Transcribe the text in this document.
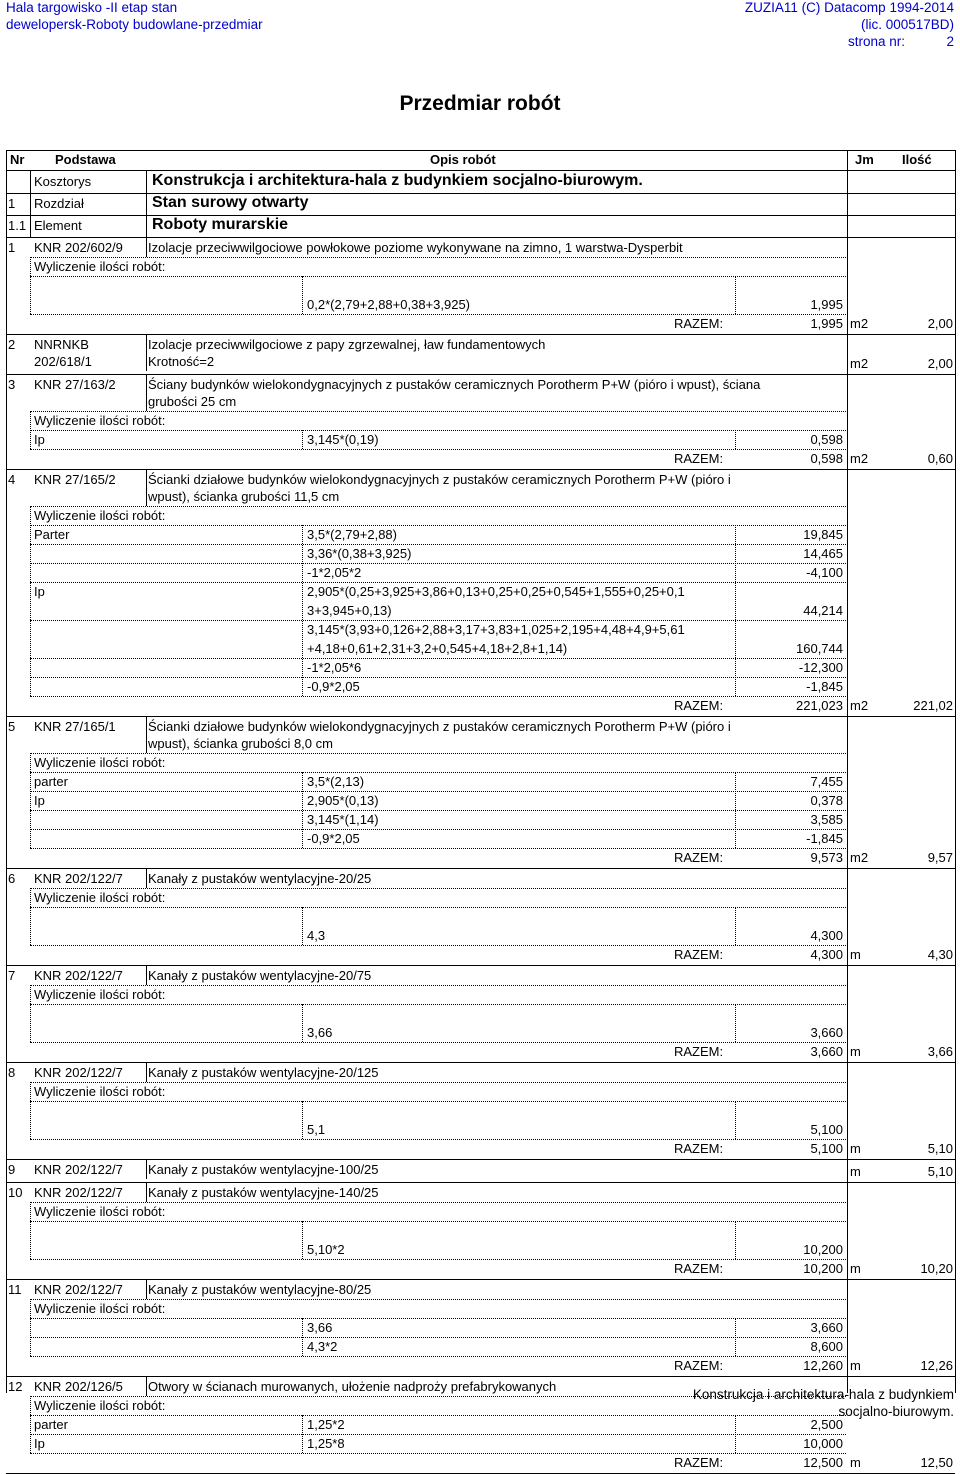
Hala targowisko -II etap stan
dewelopersk-Roboty budowlane-przedmiar
ZUZIA11 (C) Datacomp 1994-2014
(lic. 000517BD)
strona nr:	2
Przedmiar robót
Nr Podstawa	Opis robót	Jm Ilość
Kosztorys	Konstrukcja i architektura-hala z budynkiem socjalno-biurowym.
1 Rozdział	Stan surowy otwarty
1.1 Element	Roboty murarskie
1 KNR 202/602/9 Izolacje przeciwwilgociowe powłokowe poziome wykonywane na zimno, 1 warstwa-Dysperbit
Wyliczenie ilości robót:
0,2*(2,79+2,88+0,38+3,925)	1,995
RAZEM:	1,995 m2	2,00
2 NNRNKB
202/618/1
Izolacje przeciwwilgociowe z papy zgrzewalnej, ław fundamentowych
Krotność=2	m2	2,00
3 KNR 27/163/2 Ściany budynków wielokondygnacyjnych z pustaków ceramicznych Porotherm P+W (pióro i wpust), ściana
grubości 25 cm
Wyliczenie ilości robót:
Ip	3,145*(0,19)	0,598
RAZEM:	0,598 m2	0,60
4 KNR 27/165/2 Ścianki działowe budynków wielokondygnacyjnych z pustaków ceramicznych Porotherm P+W (pióro i
wpust), ścianka grubości 11,5 cm
Wyliczenie ilości robót:
Parter	3,5*(2,79+2,88)	19,845
3,36*(0,38+3,925)	14,465
-1*2,05*2	-4,100
Ip	2,905*(0,25+3,925+3,86+0,13+0,25+0,25+0,545+1,555+0,25+0,1
3+3,945+0,13)	44,214
3,145*(3,93+0,126+2,88+3,17+3,83+1,025+2,195+4,48+4,9+5,61
+4,18+0,61+2,31+3,2+0,545+4,18+2,8+1,14)	160,744
-1*2,05*6	-12,300
-0,9*2,05	-1,845
RAZEM:	221,023 m2	221,02
5 KNR 27/165/1 Ścianki działowe budynków wielokondygnacyjnych z pustaków ceramicznych Porotherm P+W (pióro i
wpust), ścianka grubości 8,0 cm
Wyliczenie ilości robót:
parter	3,5*(2,13)	7,455
Ip	2,905*(0,13)	0,378
3,145*(1,14)	3,585
-0,9*2,05	-1,845
RAZEM:	9,573 m2	9,57
6 KNR 202/122/7 Kanały z pustaków wentylacyjne-20/25
Wyliczenie ilości robót:
4,3	4,300
RAZEM:	4,300 m	4,30
7 KNR 202/122/7 Kanały z pustaków wentylacyjne-20/75
Wyliczenie ilości robót:
3,66	3,660
RAZEM:	3,660 m	3,66
8 KNR 202/122/7 Kanały z pustaków wentylacyjne-20/125
Wyliczenie ilości robót:
5,1	5,100
RAZEM:	5,100 m	5,10
9 KNR 202/122/7 Kanały z pustaków wentylacyjne-100/25	m	5,10
10 KNR 202/122/7 Kanały z pustaków wentylacyjne-140/25
Wyliczenie ilości robót:
5,10*2	10,200
RAZEM:	10,200 m	10,20
11 KNR 202/122/7 Kanały z pustaków wentylacyjne-80/25
Wyliczenie ilości robót:
3,66	3,660
4,3*2	8,600
RAZEM:	12,260 m	12,26
12 KNR 202/126/5 Otwory w ścianach murowanych, ułożenie nadproży prefabrykowanych
Wyliczenie ilości robót:
parter	1,25*2	2,500
Ip	1,25*8	10,000
RAZEM:	12,500 m	12,50
Konstrukcja i architektura-hala z budynkiem
socjalno-biurowym.
